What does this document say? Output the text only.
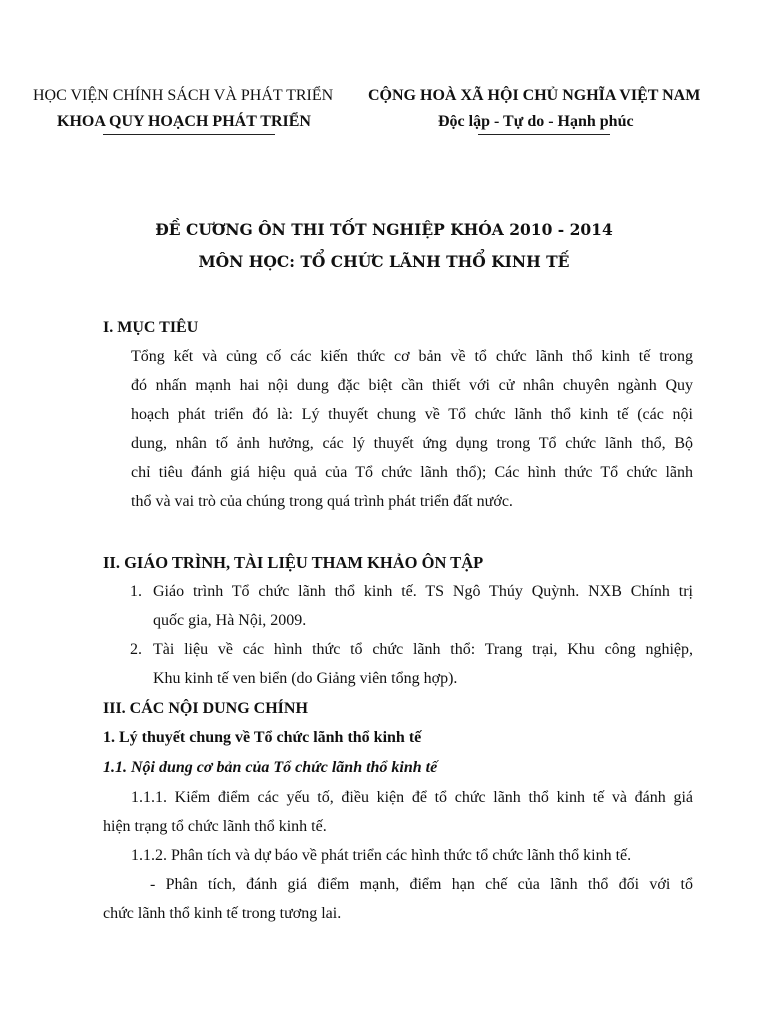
HỌC VIỆN CHÍNH SÁCH VÀ PHÁT TRIỂN
KHOA QUY HOẠCH PHÁT TRIỂN
CỘNG HOÀ XÃ HỘI CHỦ NGHĨA VIỆT NAM
Độc lập - Tự do - Hạnh phúc
ĐỀ CƯƠNG ÔN THI TỐT NGHIỆP KHÓA 2010 - 2014
MÔN HỌC: TỔ CHỨC LÃNH THỔ KINH TẾ
I. MỤC TIÊU
Tổng kết và củng cố các kiến thức cơ bản về tổ chức lãnh thổ kinh tế trong
đó nhấn mạnh hai nội dung đặc biệt cần thiết với cử nhân chuyên ngành Quy
hoạch phát triển đó là: Lý thuyết chung về Tổ chức lãnh thổ kinh tế (các nội
dung, nhân tố ảnh hưởng, các lý thuyết ứng dụng trong Tổ chức lãnh thổ, Bộ
chỉ tiêu đánh giá hiệu quả của Tổ chức lãnh thổ); Các hình thức Tổ chức lãnh
thổ và vai trò của chúng trong quá trình phát triển đất nước.
II. GIÁO TRÌNH, TÀI LIỆU THAM KHẢO ÔN TẬP
1. Giáo trình Tổ chức lãnh thổ kinh tế. TS Ngô Thúy Quỳnh. NXB Chính trị
quốc gia, Hà Nội, 2009.
2. Tài liệu về các hình thức tổ chức lãnh thổ: Trang trại, Khu công nghiệp,
Khu kinh tế ven biển (do Giảng viên tổng hợp).
III. CÁC NỘI DUNG CHÍNH
1. Lý thuyết chung về Tổ chức lãnh thổ kinh tế
1.1. Nội dung cơ bản của Tổ chức lãnh thổ kinh tế
1.1.1. Kiểm điểm các yếu tố, điều kiện để tổ chức lãnh thổ kinh tế và đánh giá
hiện trạng tổ chức lãnh thổ kinh tế.
1.1.2. Phân tích và dự báo về phát triển các hình thức tổ chức lãnh thổ kinh tế.
- Phân tích, đánh giá điểm mạnh, điểm hạn chế của lãnh thổ đối với tổ
chức lãnh thổ kinh tế trong tương lai.
